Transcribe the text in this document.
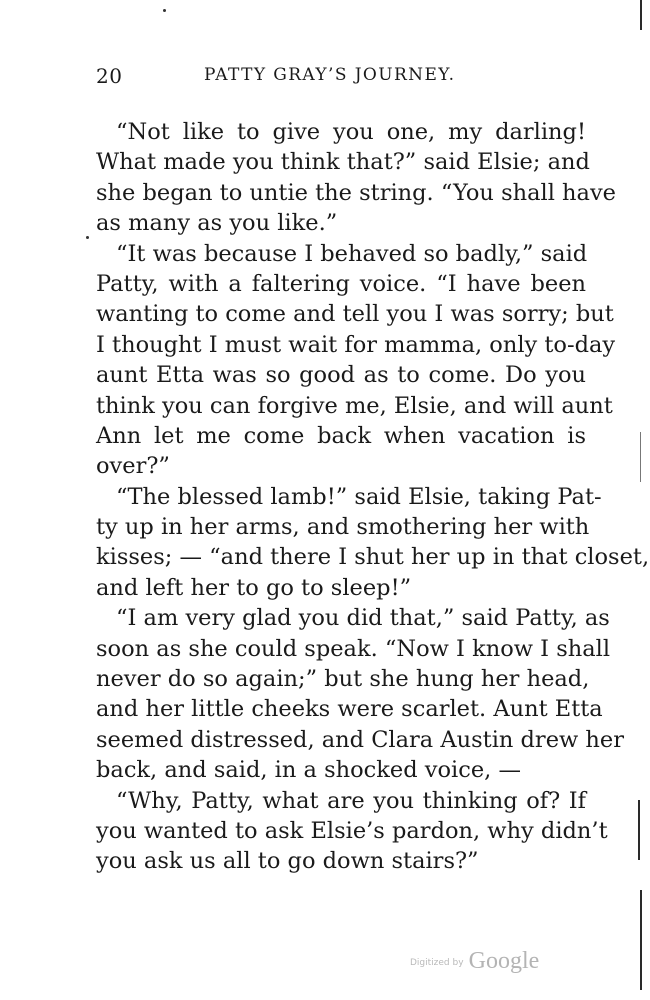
20	PATTY GRAY’S JOURNEY.
“Not like to give you one, my darling!
What made you think that?” said Elsie; and
she began to untie the string. “You shall have
as many as you like.”
“It was because I behaved so badly,” said
Patty, with a faltering voice. “I have been
wanting to come and tell you I was sorry; but
I thought I must wait for mamma, only to-day
aunt Etta was so good as to come. Do you
think you can forgive me, Elsie, and will aunt
Ann let me come back when vacation is
over?”
“The blessed lamb!” said Elsie, taking Pat-
ty up in her arms, and smothering her with
kisses; — “and there I shut her up in that closet,
and left her to go to sleep!”
“I am very glad you did that,” said Patty, as
soon as she could speak. “Now I know I shall
never do so again;” but she hung her head,
and her little cheeks were scarlet. Aunt Etta
seemed distressed, and Clara Austin drew her
back, and said, in a shocked voice, —
“Why, Patty, what are you thinking of? If
you wanted to ask Elsie’s pardon, why didn’t
you ask us all to go down stairs?”
Digitized by Google
